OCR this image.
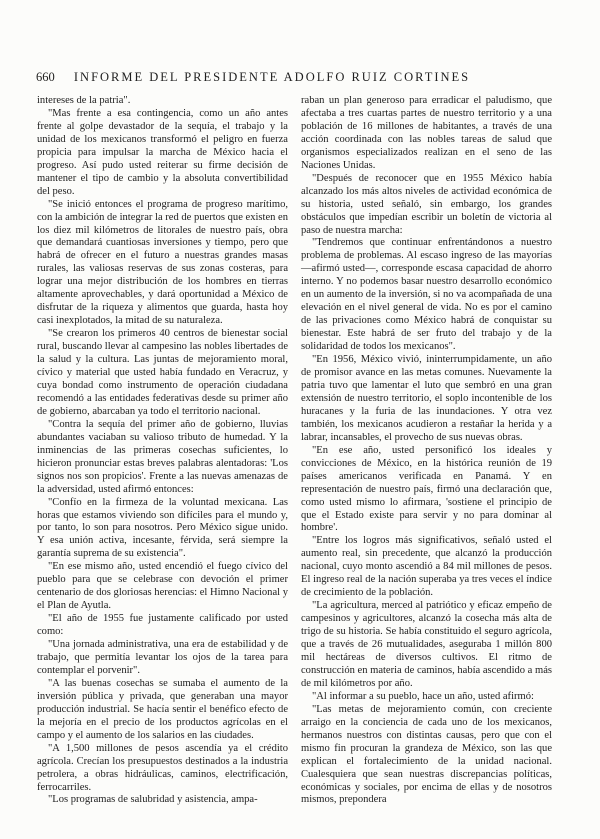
660 INFORME DEL PRESIDENTE ADOLFO RUIZ CORTINES

intereses de la patria".

"Mas frente a esa contingencia, como un año antes frente al golpe devastador de la sequía, el trabajo y la unidad de los mexicanos transformó el peligro en fuerza propicia para impulsar la marcha de México hacia el progreso. Así pudo usted reiterar su firme decisión de mantener el tipo de cambio y la absoluta convertibilidad del peso.

"Se inició entonces el programa de progreso marítimo, con la ambición de integrar la red de puertos que existen en los diez mil kilómetros de litorales de nuestro país, obra que demandará cuantiosas inversiones y tiempo, pero que habrá de ofrecer en el futuro a nuestras grandes masas rurales, las valiosas reservas de sus zonas costeras, para lograr una mejor distribución de los hombres en tierras altamente aprovechables, y dará oportunidad a México de disfrutar de la riqueza y alimentos que guarda, hasta hoy casi inexplotados, la mitad de su naturaleza.

"Se crearon los primeros 40 centros de bienestar social rural, buscando llevar al campesino las nobles libertades de la salud y la cultura. Las juntas de mejoramiento moral, cívico y material que usted había fundado en Veracruz, y cuya bondad como instrumento de operación ciudadana recomendó a las entidades federativas desde su primer año de gobierno, abarcaban ya todo el territorio nacional.

"Contra la sequía del primer año de gobierno, lluvias abundantes vaciaban su valioso tributo de humedad. Y la inminencias de las primeras cosechas suficientes, lo hicieron pronunciar estas breves palabras alentadoras: 'Los signos nos son propicios'. Frente a las nuevas amenazas de la adversidad, usted afirmó entonces:

"Confío en la firmeza de la voluntad mexicana. Las horas que estamos viviendo son difíciles para el mundo y, por tanto, lo son para nosotros. Pero México sigue unido. Y esa unión activa, incesante, férvida, será siempre la garantía suprema de su existencia".

"En ese mismo año, usted encendió el fuego cívico del pueblo para que se celebrase con devoción el primer centenario de dos gloriosas herencias: el Himno Nacional y el Plan de Ayutla.

"El año de 1955 fue justamente calificado por usted como:

"Una jornada administrativa, una era de estabilidad y de trabajo, que permitía levantar los ojos de la tarea para contemplar el porvenir".

"A las buenas cosechas se sumaba el aumento de la inversión pública y privada, que generaban una mayor producción industrial. Se hacía sentir el benéfico efecto de la mejoría en el precio de los productos agrícolas en el campo y el aumento de los salarios en las ciudades.

"A 1,500 millones de pesos ascendía ya el crédito agrícola. Crecían los presupuestos destinados a la industria petrolera, a obras hidráulicas, caminos, electrificación, ferrocarriles.

"Los programas de salubridad y asistencia, ampa-

raban un plan generoso para erradicar el paludismo, que afectaba a tres cuartas partes de nuestro territorio y a una población de 16 millones de habitantes, a través de una acción coordinada con las nobles tareas de salud que organismos especializados realizan en el seno de las Naciones Unidas.

"Después de reconocer que en 1955 México había alcanzado los más altos niveles de actividad económica de su historia, usted señaló, sin embargo, los grandes obstáculos que impedían escribir un boletín de victoria al paso de nuestra marcha:

"Tendremos que continuar enfrentándonos a nuestro problema de problemas. Al escaso ingreso de las mayorías —afirmó usted—, corresponde escasa capacidad de ahorro interno. Y no podemos basar nuestro desarrollo económico en un aumento de la inversión, si no va acompañada de una elevación en el nivel general de vida. No es por el camino de las privaciones como México habrá de conquistar su bienestar. Este habrá de ser fruto del trabajo y de la solidaridad de todos los mexicanos".

"En 1956, México vivió, ininterrumpidamente, un año de promisor avance en las metas comunes. Nuevamente la patria tuvo que lamentar el luto que sembró en una gran extensión de nuestro territorio, el soplo incontenible de los huracanes y la furia de las inundaciones. Y otra vez también, los mexicanos acudieron a restañar la herida y a labrar, incansables, el provecho de sus nuevas obras.

"En ese año, usted personificó los ideales y convicciones de México, en la histórica reunión de 19 países americanos verificada en Panamá. Y en representación de nuestro país, firmó una declaración que, como usted mismo lo afirmara, 'sostiene el principio de que el Estado existe para servir y no para dominar al hombre'.

"Entre los logros más significativos, señaló usted el aumento real, sin precedente, que alcanzó la producción nacional, cuyo monto ascendió a 84 mil millones de pesos. El ingreso real de la nación superaba ya tres veces el índice de crecimiento de la población.

"La agricultura, merced al patriótico y eficaz empeño de campesinos y agricultores, alcanzó la cosecha más alta de trigo de su historia. Se había constituido el seguro agrícola, que a través de 26 mutualidades, aseguraba 1 millón 800 mil hectáreas de diversos cultivos. El ritmo de construcción en materia de caminos, había ascendido a más de mil kilómetros por año.

"Al informar a su pueblo, hace un año, usted afirmó:

"Las metas de mejoramiento común, con creciente arraigo en la conciencia de cada uno de los mexicanos, hermanos nuestros con distintas causas, pero que con el mismo fin procuran la grandeza de México, son las que explican el fortalecimiento de la unidad nacional. Cualesquiera que sean nuestras discrepancias políticas, económicas y sociales, por encima de ellas y de nosotros mismos, prepondera
